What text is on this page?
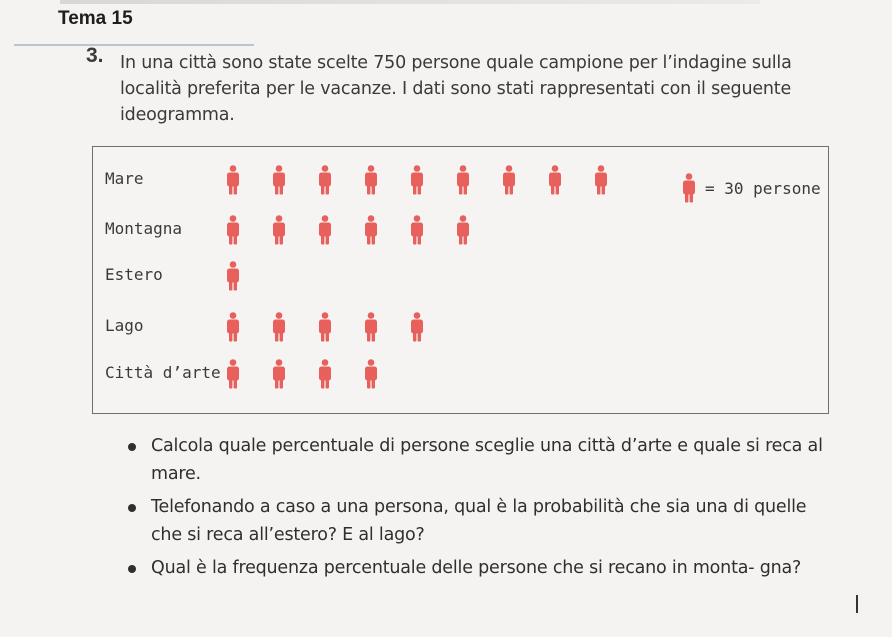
Tema 15
3. In una città sono state scelte 750 persone quale campione per l’indagine sulla località preferita per le vacanze. I dati sono stati rappresentati con il seguente ideogramma.
= 30 persone
Mare
Montagna
Estero
Lago
Città d’arte
Calcola quale percentuale di persone sceglie una città d’arte e quale si reca al mare.
Telefonando a caso a una persona, qual è la probabilità che sia una di quelle che si reca all’estero? E al lago?
Qual è la frequenza percentuale delle persone che si recano in monta- gna?
